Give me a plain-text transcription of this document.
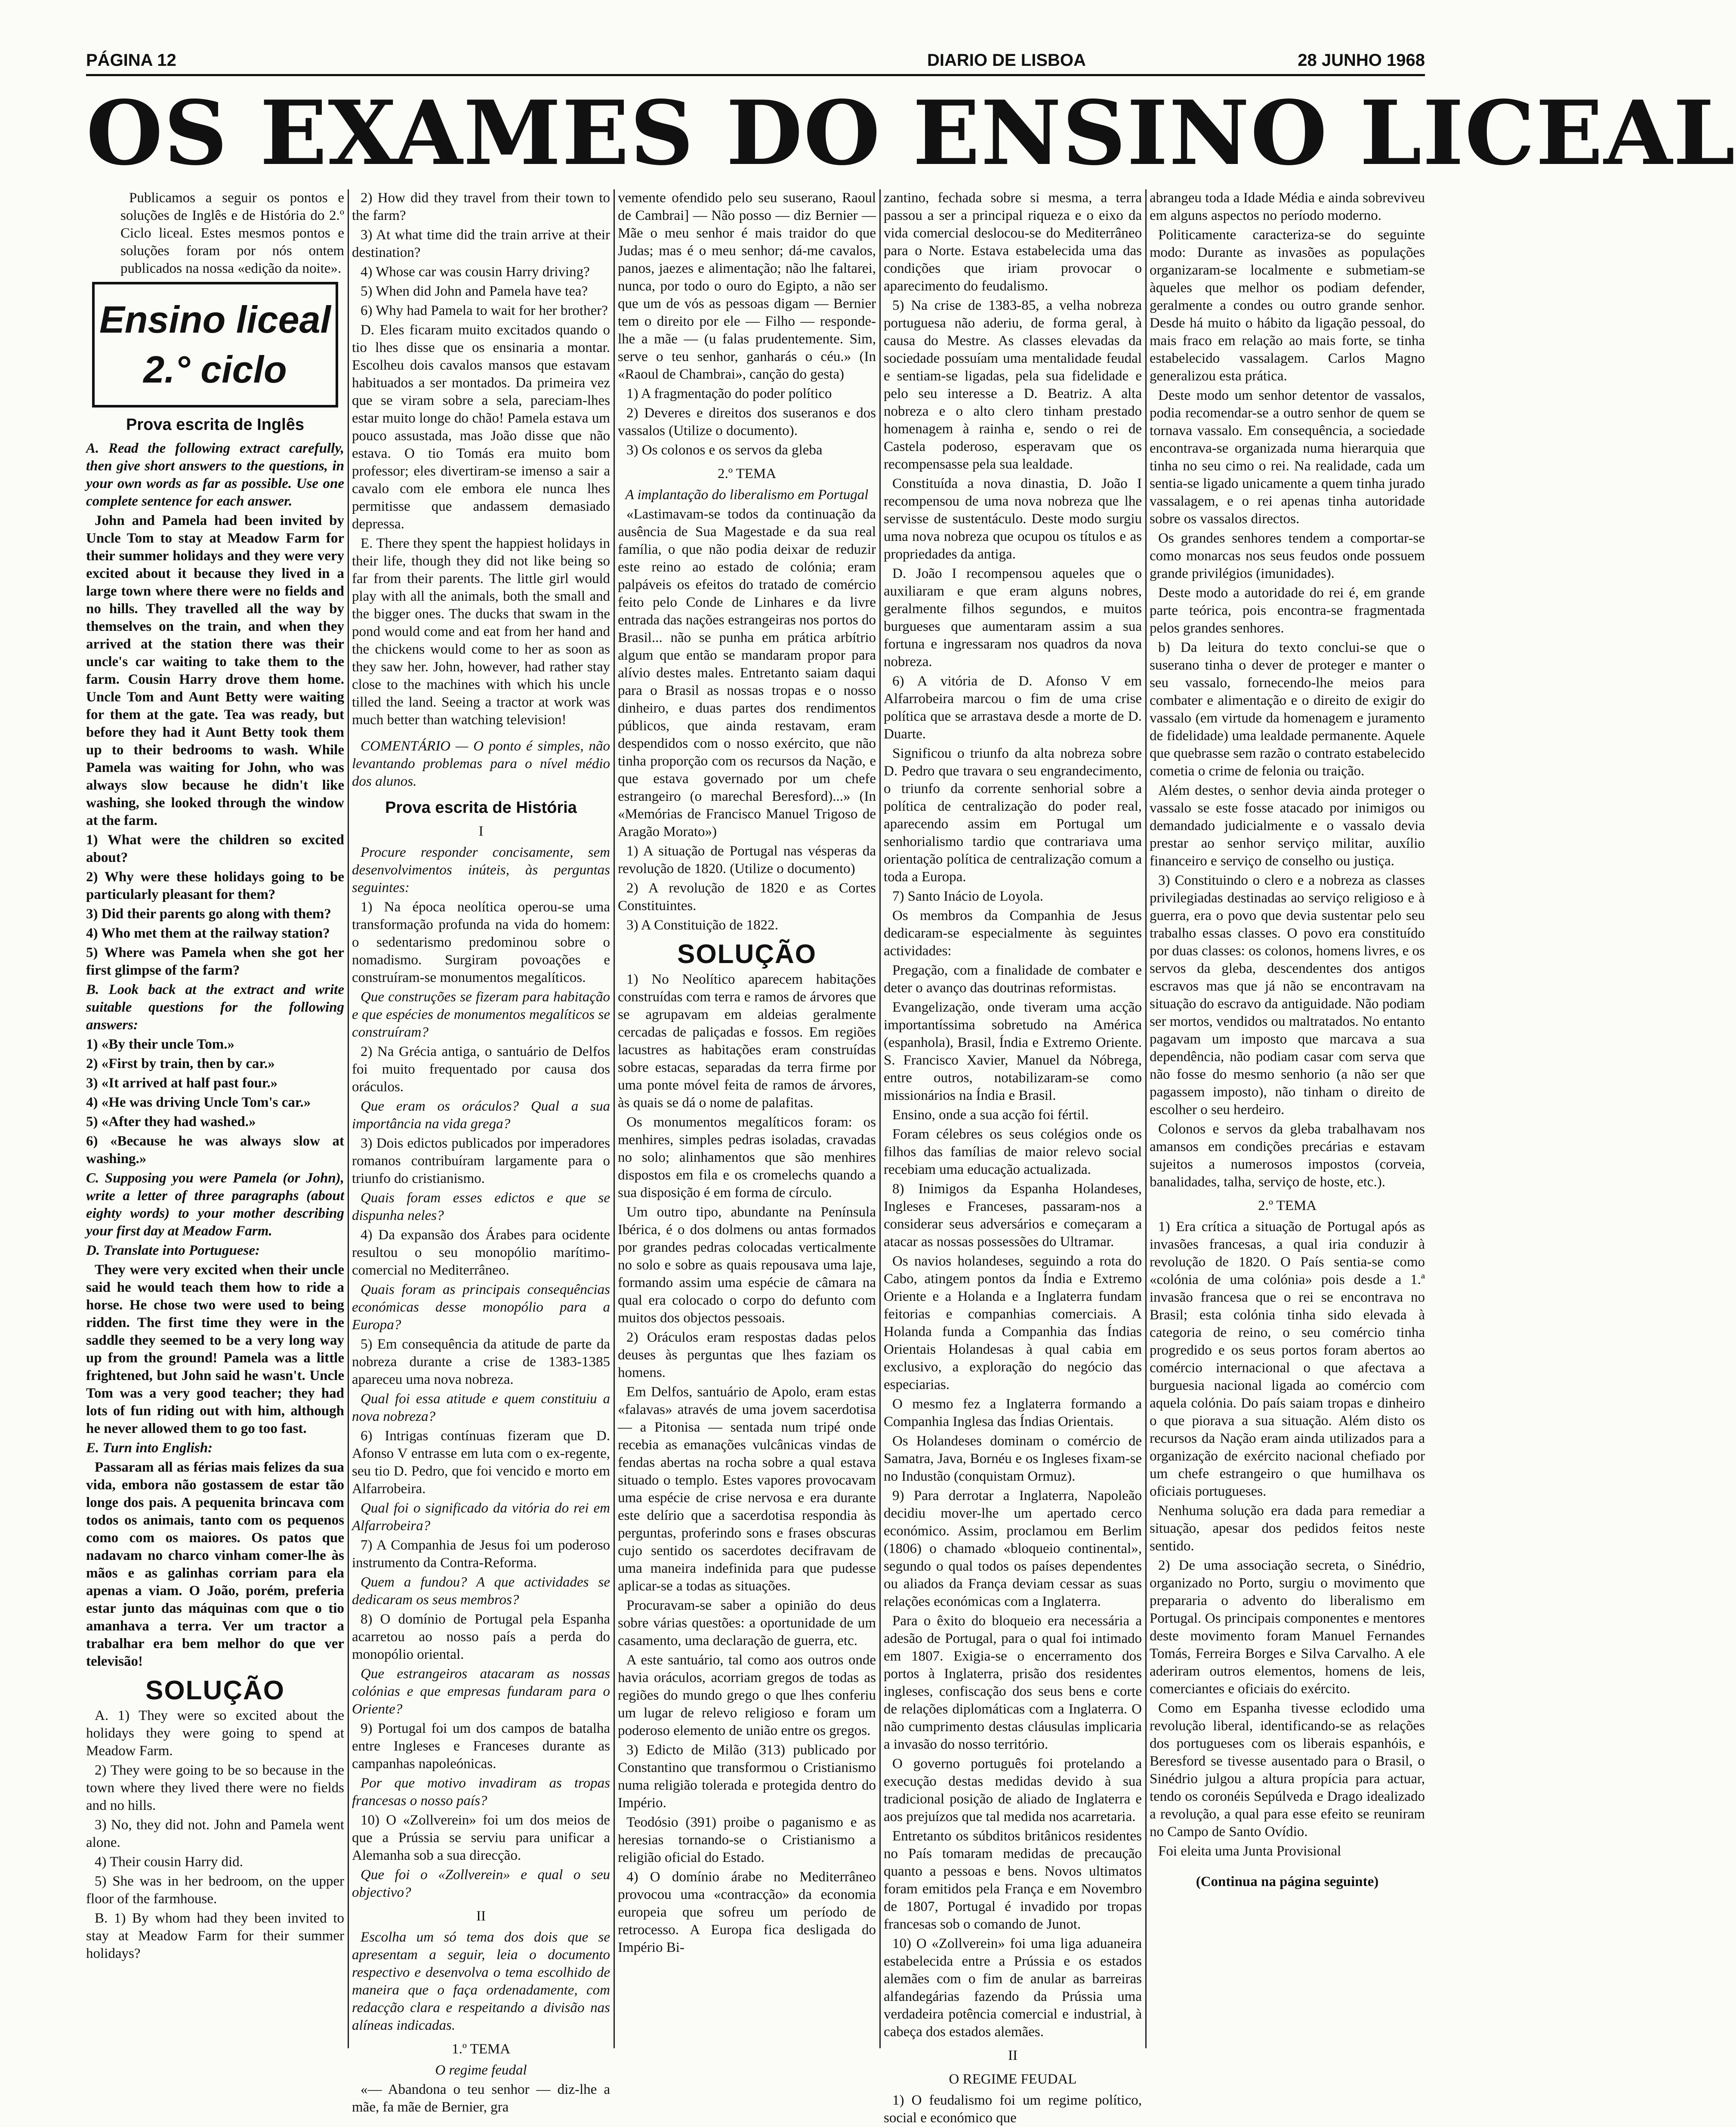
PÁGINA 12	DIARIO DE LISBOA	28 JUNHO 1968
OS EXAMES DO ENSINO LICEAL

Publicamos a seguir os pontos e soluções de Inglês e de História do 2.º Ciclo liceal. Estes mesmos pontos e soluções foram por nós ontem publicados na nossa «edição da noite».

Ensino liceal
2.° ciclo
Prova escrita de Inglês

A. Read the following extract carefully, then give short answers to the questions, in your own words as far as possible. Use one complete sentence for each answer.

John and Pamela had been invited by Uncle Tom to stay at Meadow Farm for their summer holidays and they were very excited about it because they lived in a large town where there were no fields and no hills. They travelled all the way by themselves on the train, and when they arrived at the station there was their uncle's car waiting to take them to the farm. Cousin Harry drove them home. Uncle Tom and Aunt Betty were waiting for them at the gate. Tea was ready, but before they had it Aunt Betty took them up to their bedrooms to wash. While Pamela was waiting for John, who was always slow because he didn't like washing, she looked through the window at the farm.

1) What were the children so excited about?

2) Why were these holidays going to be particularly pleasant for them?

3) Did their parents go along with them?

4) Who met them at the railway station?

5) Where was Pamela when she got her first glimpse of the farm?

B. Look back at the extract and write suitable questions for the following answers:

1) «By their uncle Tom.»

2) «First by train, then by car.»

3) «It arrived at half past four.»

4) «He was driving Uncle Tom's car.»

5) «After they had washed.»

6) «Because he was always slow at washing.»

C. Supposing you were Pamela (or John), write a letter of three paragraphs (about eighty words) to your mother describing your first day at Meadow Farm.

D. Translate into Portuguese:

They were very excited when their uncle said he would teach them how to ride a horse. He chose two were used to being ridden. The first time they were in the saddle they seemed to be a very long way up from the ground! Pamela was a little frightened, but John said he wasn't. Uncle Tom was a very good teacher; they had lots of fun riding out with him, although he never allowed them to go too fast.

E. Turn into English:

Passaram all as férias mais felizes da sua vida, embora não gostassem de estar tão longe dos pais. A pequenita brincava com todos os animais, tanto com os pequenos como com os maiores. Os patos que nadavam no charco vinham comer-lhe às mãos e as galinhas corriam para ela apenas a viam. O João, porém, preferia estar junto das máquinas com que o tio amanhava a terra. Ver um tractor a trabalhar era bem melhor do que ver televisão!

SOLUÇÃO

A. 1) They were so excited about the holidays they were going to spend at Meadow Farm.

2) They were going to be so because in the town where they lived there were no fields and no hills.

3) No, they did not. John and Pamela went alone.

4) Their cousin Harry did.

5) She was in her bedroom, on the upper floor of the farmhouse.

B. 1) By whom had they been invited to stay at Meadow Farm for their summer holidays?

2) How did they travel from their town to the farm?

3) At what time did the train arrive at their destination?

4) Whose car was cousin Harry driving?

5) When did John and Pamela have tea?

6) Why had Pamela to wait for her brother?

D. Eles ficaram muito excitados quando o tio lhes disse que os ensinaria a montar. Escolheu dois cavalos mansos que estavam habituados a ser montados. Da primeira vez que se viram sobre a sela, pareciam-lhes estar muito longe do chão! Pamela estava um pouco assustada, mas João disse que não estava. O tio Tomás era muito bom professor; eles divertiram-se imenso a sair a cavalo com ele embora ele nunca lhes permitisse que andassem demasiado depressa.

E. There they spent the happiest holidays in their life, though they did not like being so far from their parents. The little girl would play with all the animals, both the small and the bigger ones. The ducks that swam in the pond would come and eat from her hand and the chickens would come to her as soon as they saw her. John, however, had rather stay close to the machines with which his uncle tilled the land. Seeing a tractor at work was much better than watching television!

COMENTÁRIO — O ponto é simples, não levantando problemas para o nível médio dos alunos.

Prova escrita de História
I

Procure responder concisamente, sem desenvolvimentos inúteis, às perguntas seguintes:

1) Na época neolítica operou-se uma transformação profunda na vida do homem: o sedentarismo predominou sobre o nomadismo. Surgiram povoações e construíram-se monumentos megalíticos.

Que construções se fizeram para habitação e que espécies de monumentos megalíticos se construíram?

2) Na Grécia antiga, o santuário de Delfos foi muito frequentado por causa dos oráculos.

Que eram os oráculos? Qual a sua importância na vida grega?

3) Dois edictos publicados por imperadores romanos contribuíram largamente para o triunfo do cristianismo.

Quais foram esses edictos e que se dispunha neles?

4) Da expansão dos Árabes para ocidente resultou o seu monopólio marítimo-comercial no Mediterrâneo.

Quais foram as principais consequências económicas desse monopólio para a Europa?

5) Em consequência da atitude de parte da nobreza durante a crise de 1383-1385 apareceu uma nova nobreza.

Qual foi essa atitude e quem constituiu a nova nobreza?

6) Intrigas contínuas fizeram que D. Afonso V entrasse em luta com o ex-regente, seu tio D. Pedro, que foi vencido e morto em Alfarrobeira.

Qual foi o significado da vitória do rei em Alfarrobeira?

7) A Companhia de Jesus foi um poderoso instrumento da Contra-Reforma.

Quem a fundou? A que actividades se dedicaram os seus membros?

8) O domínio de Portugal pela Espanha acarretou ao nosso país a perda do monopólio oriental.

Que estrangeiros atacaram as nossas colónias e que empresas fundaram para o Oriente?

9) Portugal foi um dos campos de batalha entre Ingleses e Franceses durante as campanhas napoleónicas.

Por que motivo invadiram as tropas francesas o nosso país?

10) O «Zollverein» foi um dos meios de que a Prússia se serviu para unificar a Alemanha sob a sua direcção.

Que foi o «Zollverein» e qual o seu objectivo?

II

Escolha um só tema dos dois que se apresentam a seguir, leia o documento respectivo e desenvolva o tema escolhido de maneira que o faça ordenadamente, com redacção clara e respeitando a divisão nas alíneas indicadas.

1.º TEMA

O regime feudal

«— Abandona o teu senhor — diz-lhe a mãe, fa mãe de Bernier, gra

vemente ofendido pelo seu suserano, Raoul de Cambrai] — Não posso — diz Bernier — Mãe o meu senhor é mais traidor do que Judas; mas é o meu senhor; dá-me cavalos, panos, jaezes e alimentação; não lhe faltarei, nunca, por todo o ouro do Egipto, a não ser que um de vós as pessoas digam — Bernier tem o direito por ele — Filho — responde-lhe a mãe — (u falas prudentemente. Sim, serve o teu senhor, ganharás o céu.» (In «Raoul de Chambrai», canção do gesta)

1) A fragmentação do poder político

2) Deveres e direitos dos suseranos e dos vassalos (Utilize o documento).

3) Os colonos e os servos da gleba

2.º TEMA

A implantação do liberalismo em Portugal

«Lastimavam-se todos da continuação da ausência de Sua Magestade e da sua real família, o que não podia deixar de reduzir este reino ao estado de colónia; eram palpáveis os efeitos do tratado de comércio feito pelo Conde de Linhares e da livre entrada das nações estrangeiras nos portos do Brasil... não se punha em prática arbítrio algum que então se mandaram propor para alívio destes males. Entretanto saiam daqui para o Brasil as nossas tropas e o nosso dinheiro, e duas partes dos rendimentos públicos, que ainda restavam, eram despendidos com o nosso exército, que não tinha proporção com os recursos da Nação, e que estava governado por um chefe estrangeiro (o marechal Beresford)...» (In «Memórias de Francisco Manuel Trigoso de Aragão Morato»)

1) A situação de Portugal nas vésperas da revolução de 1820. (Utilize o documento)

2) A revolução de 1820 e as Cortes Constituintes.

3) A Constituição de 1822.

SOLUÇÃO

1) No Neolítico aparecem habitações construídas com terra e ramos de árvores que se agrupavam em aldeias geralmente cercadas de paliçadas e fossos. Em regiões lacustres as habitações eram construídas sobre estacas, separadas da terra firme por uma ponte móvel feita de ramos de árvores, às quais se dá o nome de palafitas.

Os monumentos megalíticos foram: os menhires, simples pedras isoladas, cravadas no solo; alinhamentos que são menhires dispostos em fila e os cromelechs quando a sua disposição é em forma de círculo.

Um outro tipo, abundante na Península Ibérica, é o dos dolmens ou antas formados por grandes pedras colocadas verticalmente no solo e sobre as quais repousava uma laje, formando assim uma espécie de câmara na qual era colocado o corpo do defunto com muitos dos objectos pessoais.

2) Oráculos eram respostas dadas pelos deuses às perguntas que lhes faziam os homens.

Em Delfos, santuário de Apolo, eram estas «falavas» através de uma jovem sacerdotisa — a Pitonisa — sentada num tripé onde recebia as emanações vulcânicas vindas de fendas abertas na rocha sobre a qual estava situado o templo. Estes vapores provocavam uma espécie de crise nervosa e era durante este delírio que a sacerdotisa respondia às perguntas, proferindo sons e frases obscuras cujo sentido os sacerdotes decifravam de uma maneira indefinida para que pudesse aplicar-se a todas as situações.

Procuravam-se saber a opinião do deus sobre várias questões: a oportunidade de um casamento, uma declaração de guerra, etc.

A este santuário, tal como aos outros onde havia oráculos, acorriam gregos de todas as regiões do mundo grego o que lhes conferiu um lugar de relevo religioso e foram um poderoso elemento de união entre os gregos.

3) Edicto de Milão (313) publicado por Constantino que transformou o Cristianismo numa religião tolerada e protegida dentro do Império.

Teodósio (391) proibe o paganismo e as heresias tornando-se o Cristianismo a religião oficial do Estado.

4) O domínio árabe no Mediterrâneo provocou uma «contracção» da economia europeia que sofreu um período de retrocesso. A Europa fica desligada do Império Bi-

zantino, fechada sobre si mesma, a terra passou a ser a principal riqueza e o eixo da vida comercial deslocou-se do Mediterrâneo para o Norte. Estava estabelecida uma das condições que iriam provocar o aparecimento do feudalismo.

5) Na crise de 1383-85, a velha nobreza portuguesa não aderiu, de forma geral, à causa do Mestre. As classes elevadas da sociedade possuíam uma mentalidade feudal e sentiam-se ligadas, pela sua fidelidade e pelo seu interesse a D. Beatriz. A alta nobreza e o alto clero tinham prestado homenagem à rainha e, sendo o rei de Castela poderoso, esperavam que os recompensasse pela sua lealdade.

Constituída a nova dinastia, D. João I recompensou de uma nova nobreza que lhe servisse de sustentáculo. Deste modo surgiu uma nova nobreza que ocupou os títulos e as propriedades da antiga.

D. João I recompensou aqueles que o auxiliaram e que eram alguns nobres, geralmente filhos segundos, e muitos burgueses que aumentaram assim a sua fortuna e ingressaram nos quadros da nova nobreza.

6) A vitória de D. Afonso V em Alfarrobeira marcou o fim de uma crise política que se arrastava desde a morte de D. Duarte.

Significou o triunfo da alta nobreza sobre D. Pedro que travara o seu engrandecimento, o triunfo da corrente senhorial sobre a política de centralização do poder real, aparecendo assim em Portugal um senhorialismo tardio que contrariava uma orientação política de centralização comum a toda a Europa.

7) Santo Inácio de Loyola.

Os membros da Companhia de Jesus dedicaram-se especialmente às seguintes actividades:

Pregação, com a finalidade de combater e deter o avanço das doutrinas reformistas.

Evangelização, onde tiveram uma acção importantíssima sobretudo na América (espanhola), Brasil, Índia e Extremo Oriente. S. Francisco Xavier, Manuel da Nóbrega, entre outros, notabilizaram-se como missionários na Índia e Brasil.

Ensino, onde a sua acção foi fértil.

Foram célebres os seus colégios onde os filhos das famílias de maior relevo social recebiam uma educação actualizada.

8) Inimigos da Espanha Holandeses, Ingleses e Franceses, passaram-nos a considerar seus adversários e começaram a atacar as nossas possessões do Ultramar.

Os navios holandeses, seguindo a rota do Cabo, atingem pontos da Índia e Extremo Oriente e a Holanda e a Inglaterra fundam feitorias e companhias comerciais. A Holanda funda a Companhia das Índias Orientais Holandesas à qual cabia em exclusivo, a exploração do negócio das especiarias.

O mesmo fez a Inglaterra formando a Companhia Inglesa das Índias Orientais.

Os Holandeses dominam o comércio de Samatra, Java, Bornéu e os Ingleses fixam-se no Industão (conquistam Ormuz).

9) Para derrotar a Inglaterra, Napoleão decidiu mover-lhe um apertado cerco económico. Assim, proclamou em Berlim (1806) o chamado «bloqueio continental», segundo o qual todos os países dependentes ou aliados da França deviam cessar as suas relações económicas com a Inglaterra.

Para o êxito do bloqueio era necessária a adesão de Portugal, para o qual foi intimado em 1807. Exigia-se o encerramento dos portos à Inglaterra, prisão dos residentes ingleses, confiscação dos seus bens e corte de relações diplomáticas com a Inglaterra. O não cumprimento destas cláusulas implicaria a invasão do nosso território.

O governo português foi protelando a execução destas medidas devido à sua tradicional posição de aliado de Inglaterra e aos prejuízos que tal medida nos acarretaria.

Entretanto os súbditos britânicos residentes no País tomaram medidas de precaução quanto a pessoas e bens. Novos ultimatos foram emitidos pela França e em Novembro de 1807, Portugal é invadido por tropas francesas sob o comando de Junot.

10) O «Zollverein» foi uma liga aduaneira estabelecida entre a Prússia e os estados alemães com o fim de anular as barreiras alfandegárias fazendo da Prússia uma verdadeira potência comercial e industrial, à cabeça dos estados alemães.

II
O REGIME FEUDAL

1) O feudalismo foi um regime político, social e económico que

abrangeu toda a Idade Média e ainda sobreviveu em alguns aspectos no período moderno.

Politicamente caracteriza-se do seguinte modo: Durante as invasões as populações organizaram-se localmente e submetiam-se àqueles que melhor os podiam defender, geralmente a condes ou outro grande senhor. Desde há muito o hábito da ligação pessoal, do mais fraco em relação ao mais forte, se tinha estabelecido vassalagem. Carlos Magno generalizou esta prática.

Deste modo um senhor detentor de vassalos, podia recomendar-se a outro senhor de quem se tornava vassalo. Em consequência, a sociedade encontrava-se organizada numa hierarquia que tinha no seu cimo o rei. Na realidade, cada um sentia-se ligado unicamente a quem tinha jurado vassalagem, e o rei apenas tinha autoridade sobre os vassalos directos.

Os grandes senhores tendem a comportar-se como monarcas nos seus feudos onde possuem grande privilégios (imunidades).

Deste modo a autoridade do rei é, em grande parte teórica, pois encontra-se fragmentada pelos grandes senhores.

b) Da leitura do texto conclui-se que o suserano tinha o dever de proteger e manter o seu vassalo, fornecendo-lhe meios para combater e alimentação e o direito de exigir do vassalo (em virtude da homenagem e juramento de fidelidade) uma lealdade permanente. Aquele que quebrasse sem razão o contrato estabelecido cometia o crime de felonia ou traição.

Além destes, o senhor devia ainda proteger o vassalo se este fosse atacado por inimigos ou demandado judicialmente e o vassalo devia prestar ao senhor serviço militar, auxílio financeiro e serviço de conselho ou justiça.

3) Constituindo o clero e a nobreza as classes privilegiadas destinadas ao serviço religioso e à guerra, era o povo que devia sustentar pelo seu trabalho essas classes. O povo era constituído por duas classes: os colonos, homens livres, e os servos da gleba, descendentes dos antigos escravos mas que já não se encontravam na situação do escravo da antiguidade. Não podiam ser mortos, vendidos ou maltratados. No entanto pagavam um imposto que marcava a sua dependência, não podiam casar com serva que não fosse do mesmo senhorio (a não ser que pagassem imposto), não tinham o direito de escolher o seu herdeiro.

Colonos e servos da gleba trabalhavam nos amansos em condições precárias e estavam sujeitos a numerosos impostos (corveia, banalidades, talha, serviço de hoste, etc.).

2.º TEMA

1) Era crítica a situação de Portugal após as invasões francesas, a qual iria conduzir à revolução de 1820. O País sentia-se como «colónia de uma colónia» pois desde a 1.ª invasão francesa que o rei se encontrava no Brasil; esta colónia tinha sido elevada à categoria de reino, o seu comércio tinha progredido e os seus portos foram abertos ao comércio internacional o que afectava a burguesia nacional ligada ao comércio com aquela colónia. Do país saiam tropas e dinheiro o que piorava a sua situação. Além disto os recursos da Nação eram ainda utilizados para a organização de exército nacional chefiado por um chefe estrangeiro o que humilhava os oficiais portugueses.

Nenhuma solução era dada para remediar a situação, apesar dos pedidos feitos neste sentido.

2) De uma associação secreta, o Sinédrio, organizado no Porto, surgiu o movimento que prepararia o advento do liberalismo em Portugal. Os principais componentes e mentores deste movimento foram Manuel Fernandes Tomás, Ferreira Borges e Silva Carvalho. A ele aderiram outros elementos, homens de leis, comerciantes e oficiais do exército.

Como em Espanha tivesse eclodido uma revolução liberal, identificando-se as relações dos portugueses com os liberais espanhóis, e Beresford se tivesse ausentado para o Brasil, o Sinédrio julgou a altura propícia para actuar, tendo os coronéis Sepúlveda e Drago idealizado a revolução, a qual para esse efeito se reuniram no Campo de Santo Ovídio.

Foi eleita uma Junta Provisional

(Continua na página seguinte)
